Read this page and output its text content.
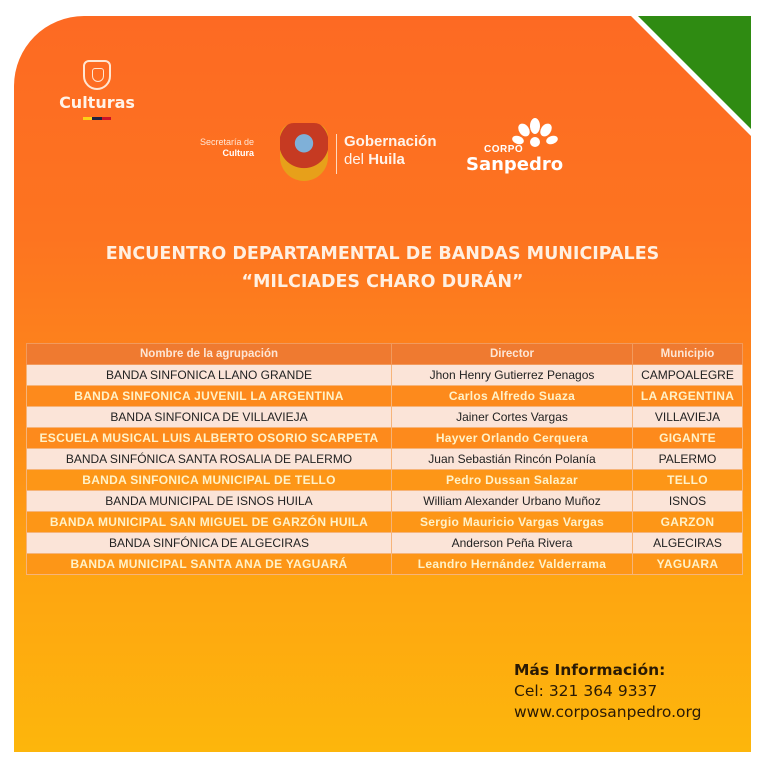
Culturas
Secretaría de
Cultura
Gobernación
del Huila
CORPO
Sanpedro
ENCUENTRO DEPARTAMENTAL DE BANDAS MUNICIPALES
“MILCIADES CHARO DURÁN”
Nombre de la agrupación	Director	Municipio
BANDA SINFONICA LLANO GRANDE	Jhon Henry Gutierrez Penagos	CAMPOALEGRE
BANDA SINFONICA JUVENIL LA ARGENTINA	Carlos Alfredo Suaza	LA ARGENTINA
BANDA SINFONICA DE VILLAVIEJA	Jainer Cortes Vargas	VILLAVIEJA
ESCUELA MUSICAL LUIS ALBERTO OSORIO SCARPETA	Hayver Orlando Cerquera	GIGANTE
BANDA SINFÓNICA SANTA ROSALIA DE PALERMO	Juan Sebastián Rincón Polanía	PALERMO
BANDA SINFONICA MUNICIPAL DE TELLO	Pedro Dussan Salazar	TELLO
BANDA MUNICIPAL DE ISNOS HUILA	William Alexander Urbano Muñoz	ISNOS
BANDA MUNICIPAL SAN MIGUEL DE GARZÓN HUILA	Sergio Mauricio Vargas Vargas	GARZON
BANDA SINFÓNICA DE ALGECIRAS	Anderson Peña Rivera	ALGECIRAS
BANDA MUNICIPAL SANTA ANA DE YAGUARÁ	Leandro Hernández Valderrama	YAGUARA
Más Información:
Cel: 321 364 9337
www.corposanpedro.org
